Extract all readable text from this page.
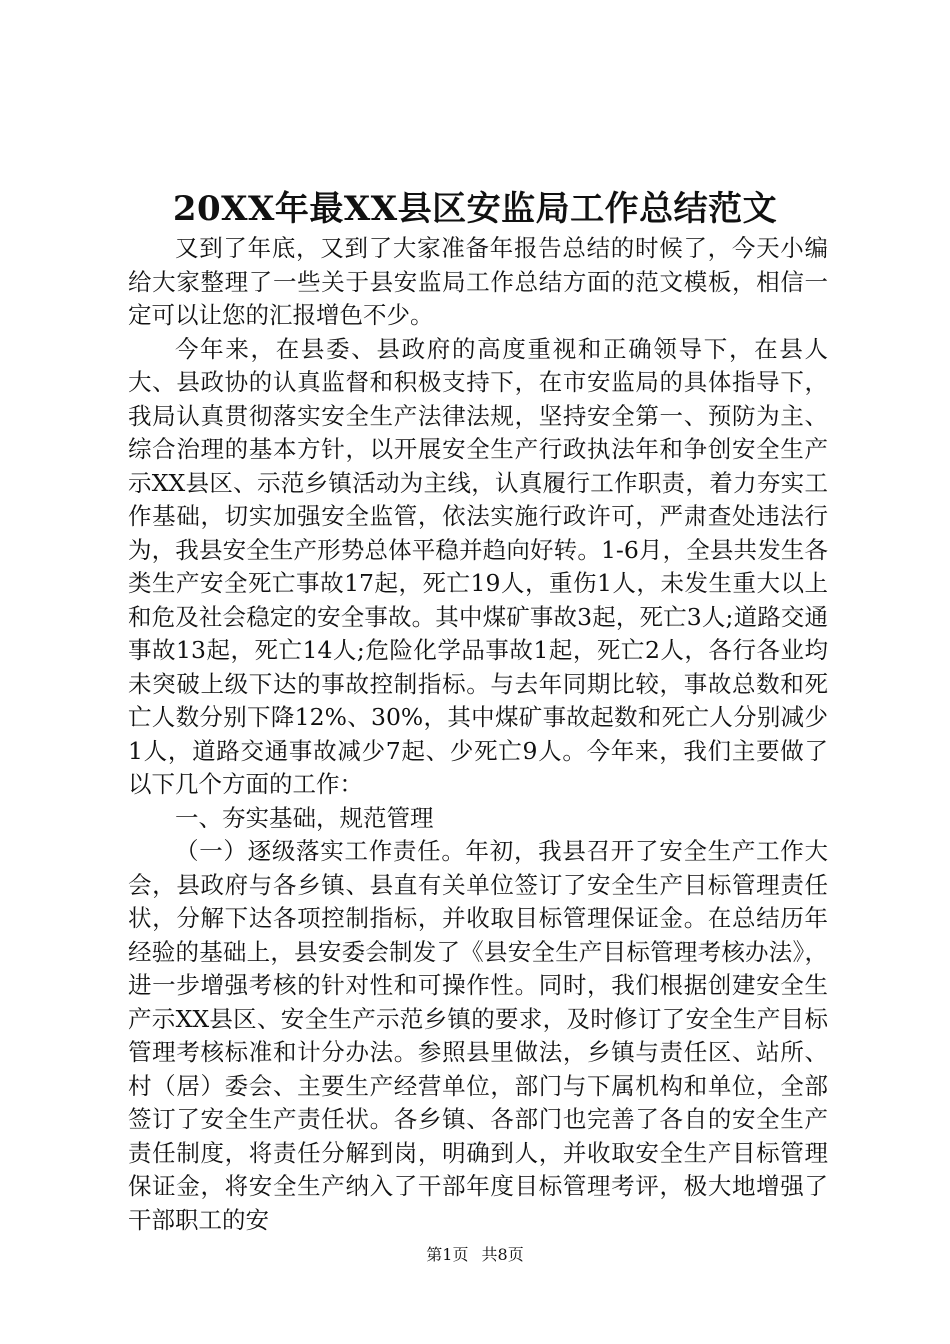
20XX年最XX县区安监局工作总结范文

又到了年底，又到了大家准备年报告总结的时候了，今天小编给大家整理了一些关于县安监局工作总结方面的范文模板，相信一定可以让您的汇报增色不少。

今年来，在县委、县政府的高度重视和正确领导下，在县人大、县政协的认真监督和积极支持下，在市安监局的具体指导下，我局认真贯彻落实安全生产法律法规，坚持安全第一、预防为主、综合治理的基本方针，以开展安全生产行政执法年和争创安全生产示XX县区、示范乡镇活动为主线，认真履行工作职责，着力夯实工作基础，切实加强安全监管，依法实施行政许可，严肃查处违法行为，我县安全生产形势总体平稳并趋向好转。1-6月，全县共发生各类生产安全死亡事故17起，死亡19人，重伤1人，未发生重大以上和危及社会稳定的安全事故。其中煤矿事故3起，死亡3人;道路交通事故13起，死亡14人;危险化学品事故1起，死亡2人，各行各业均未突破上级下达的事故控制指标。与去年同期比较，事故总数和死亡人数分别下降12%、30%，其中煤矿事故起数和死亡人分别减少1人，道路交通事故减少7起、少死亡9人。今年来，我们主要做了以下几个方面的工作：

一、夯实基础，规范管理

（一）逐级落实工作责任。年初，我县召开了安全生产工作大会，县政府与各乡镇、县直有关单位签订了安全生产目标管理责任状，分解下达各项控制指标，并收取目标管理保证金。在总结历年经验的基础上，县安委会制发了《县安全生产目标管理考核办法》，进一步增强考核的针对性和可操作性。同时，我们根据创建安全生产示XX县区、安全生产示范乡镇的要求，及时修订了安全生产目标管理考核标准和计分办法。参照县里做法，乡镇与责任区、站所、村（居）委会、主要生产经营单位，部门与下属机构和单位，全部签订了安全生产责任状。各乡镇、各部门也完善了各自的安全生产责任制度，将责任分解到岗，明确到人，并收取安全生产目标管理保证金，将安全生产纳入了干部年度目标管理考评，极大地增强了干部职工的安

第1页 共8页
